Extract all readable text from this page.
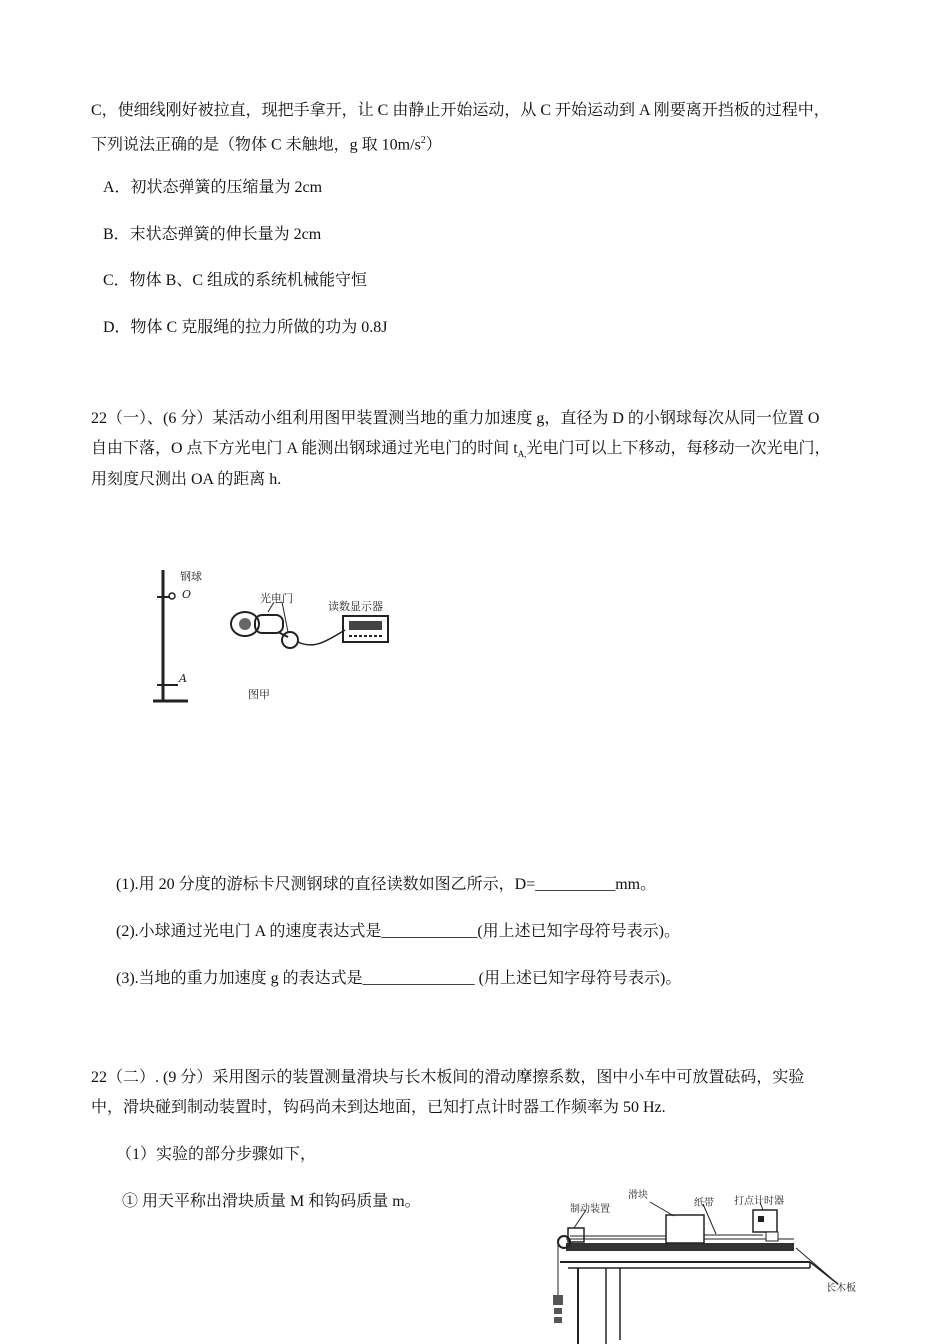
C，使细线刚好被拉直，现把手拿开，让 C 由静止开始运动，从 C 开始运动到 A 刚要离开挡板的过程中，
下列说法正确的是（物体 C 未触地，g 取 $10m/s^2$）
A．初状态弹簧的压缩量为 2cm
B．末状态弹簧的伸长量为 2cm
C．物体 B、C 组成的系统机械能守恒
D．物体 C 克服绳的拉力所做的功为 0.8J
22（一）、(6 分）某活动小组利用图甲装置测当地的重力加速度 g，直径为 D 的小钢球每次从同一位置 O
自由下落，O 点下方光电门 A 能测出钢球通过光电门的时间 $t_{A,}$光电门可以上下移动，每移动一次光电门，
用刻度尺测出 OA 的距离 h.
钢球
O	光电门
读数显示器
A
图甲
(1).用 20 分度的游标卡尺测钢球的直径读数如图乙所示，D=__________mm。
(2).小球通过光电门 A 的速度表达式是____________(用上述已知字母符号表示)。
(3).当地的重力加速度 g 的表达式是______________ (用上述已知字母符号表示)。
22（二）. (9 分）采用图示的装置测量滑块与长木板间的滑动摩擦系数，图中小车中可放置砝码，实验
中，滑块碰到制动装置时，钩码尚未到达地面，已知打点计时器工作频率为 50 Hz.
（1）实验的部分步骤如下，
① 用天平称出滑块质量 M 和钩码质量 m。	制动装置
滑块
纸带 打点计时器
长木板
